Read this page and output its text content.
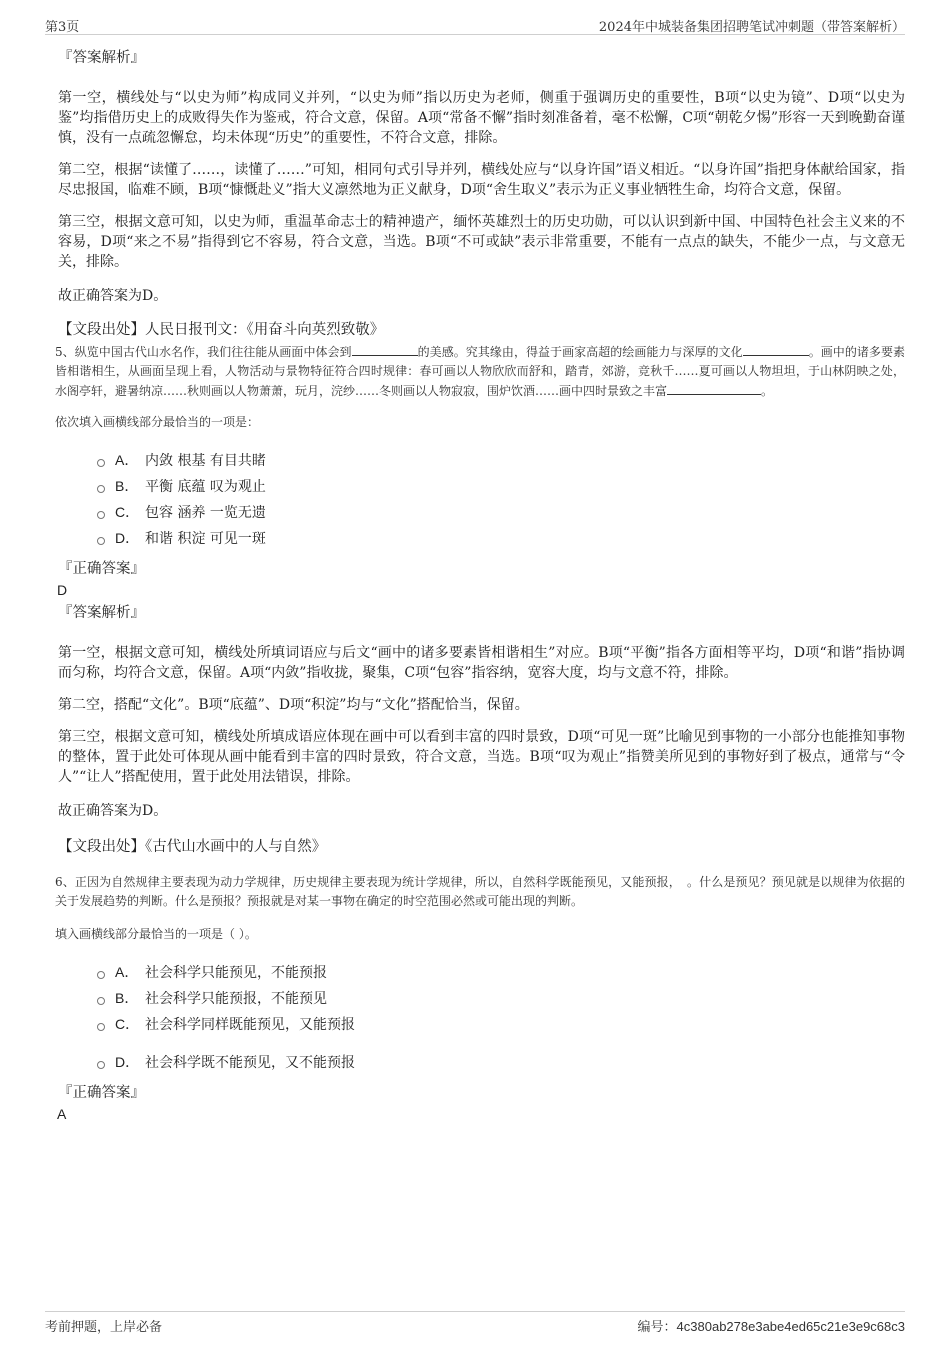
第3页	2024年中城装备集团招聘笔试冲刺题（带答案解析）
『答案解析』
第一空，横线处与“以史为师”构成同义并列，“以史为师”指以历史为老师，侧重于强调历史的重要性，B项“以史为镜”、D项“以史为鉴”均指借历史上的成败得失作为鉴戒，符合文意，保留。A项“常备不懈”指时刻准备着，毫不松懈，C项“朝乾夕惕”形容一天到晚勤奋谨慎，没有一点疏忽懈怠，均未体现“历史”的重要性，不符合文意，排除。
第二空，根据“读懂了……，读懂了……”可知，相同句式引导并列，横线处应与“以身许国”语义相近。“以身许国”指把身体献给国家，指尽忠报国，临难不顾，B项“慷慨赴义”指大义凛然地为正义献身，D项“舍生取义”表示为正义事业牺牲生命，均符合文意，保留。
第三空，根据文意可知，以史为师，重温革命志士的精神遗产，缅怀英雄烈士的历史功勋，可以认识到新中国、中国特色社会主义来的不容易，D项“来之不易”指得到它不容易，符合文意，当选。B项“不可或缺”表示非常重要，不能有一点点的缺失，不能少一点，与文意无关，排除。
故正确答案为D。
【文段出处】人民日报刊文：《用奋斗向英烈致敬》
5、纵览中国古代山水名作，我们往往能从画面中体会到	的美感。究其缘由，得益于画家高超的绘画能力与深厚的文化	。画中的诸多要素皆相谐相生，从画面呈现上看，人物活动与景物特征符合四时规律：春可画以人物欣欣而舒和，踏青，郊游，竞秋千……夏可画以人物坦坦，于山林阴映之处，水阁亭轩，避暑纳凉……秋则画以人物萧萧，玩月，浣纱……冬则画以人物寂寂，围炉饮酒……画中四时景致之丰富	。
依次填入画横线部分最恰当的一项是：
A． 内敛 根基 有目共睹
B． 平衡 底蕴 叹为观止
C． 包容 涵养 一览无遗
D． 和谐 积淀 可见一斑
『正确答案』
D
『答案解析』
第一空，根据文意可知，横线处所填词语应与后文“画中的诸多要素皆相谐相生”对应。B项“平衡”指各方面相等平均，D项“和谐”指协调而匀称，均符合文意，保留。A项“内敛”指收拢，聚集，C项“包容”指容纳，宽容大度，均与文意不符，排除。
第二空，搭配“文化”。B项“底蕴”、D项“积淀”均与“文化”搭配恰当，保留。
第三空，根据文意可知，横线处所填成语应体现在画中可以看到丰富的四时景致，D项“可见一斑”比喻见到事物的一小部分也能推知事物的整体，置于此处可体现从画中能看到丰富的四时景致，符合文意，当选。B项“叹为观止”指赞美所见到的事物好到了极点，通常与“令人”“让人”搭配使用，置于此处用法错误，排除。
故正确答案为D。
【文段出处】《古代山水画中的人与自然》
6、正因为自然规律主要表现为动力学规律，历史规律主要表现为统计学规律，所以，自然科学既能预见，又能预报，　。什么是预见？预见就是以规律为依据的关于发展趋势的判断。什么是预报？预报就是对某一事物在确定的时空范围必然或可能出现的判断。
填入画横线部分最恰当的一项是（ ）。
A． 社会科学只能预见，不能预报
B． 社会科学只能预报，不能预见
C． 社会科学同样既能预见，又能预报
D． 社会科学既不能预见，又不能预报
『正确答案』
A
考前押题，上岸必备	编号：4c380ab278e3abe4ed65c21e3e9c68c3
